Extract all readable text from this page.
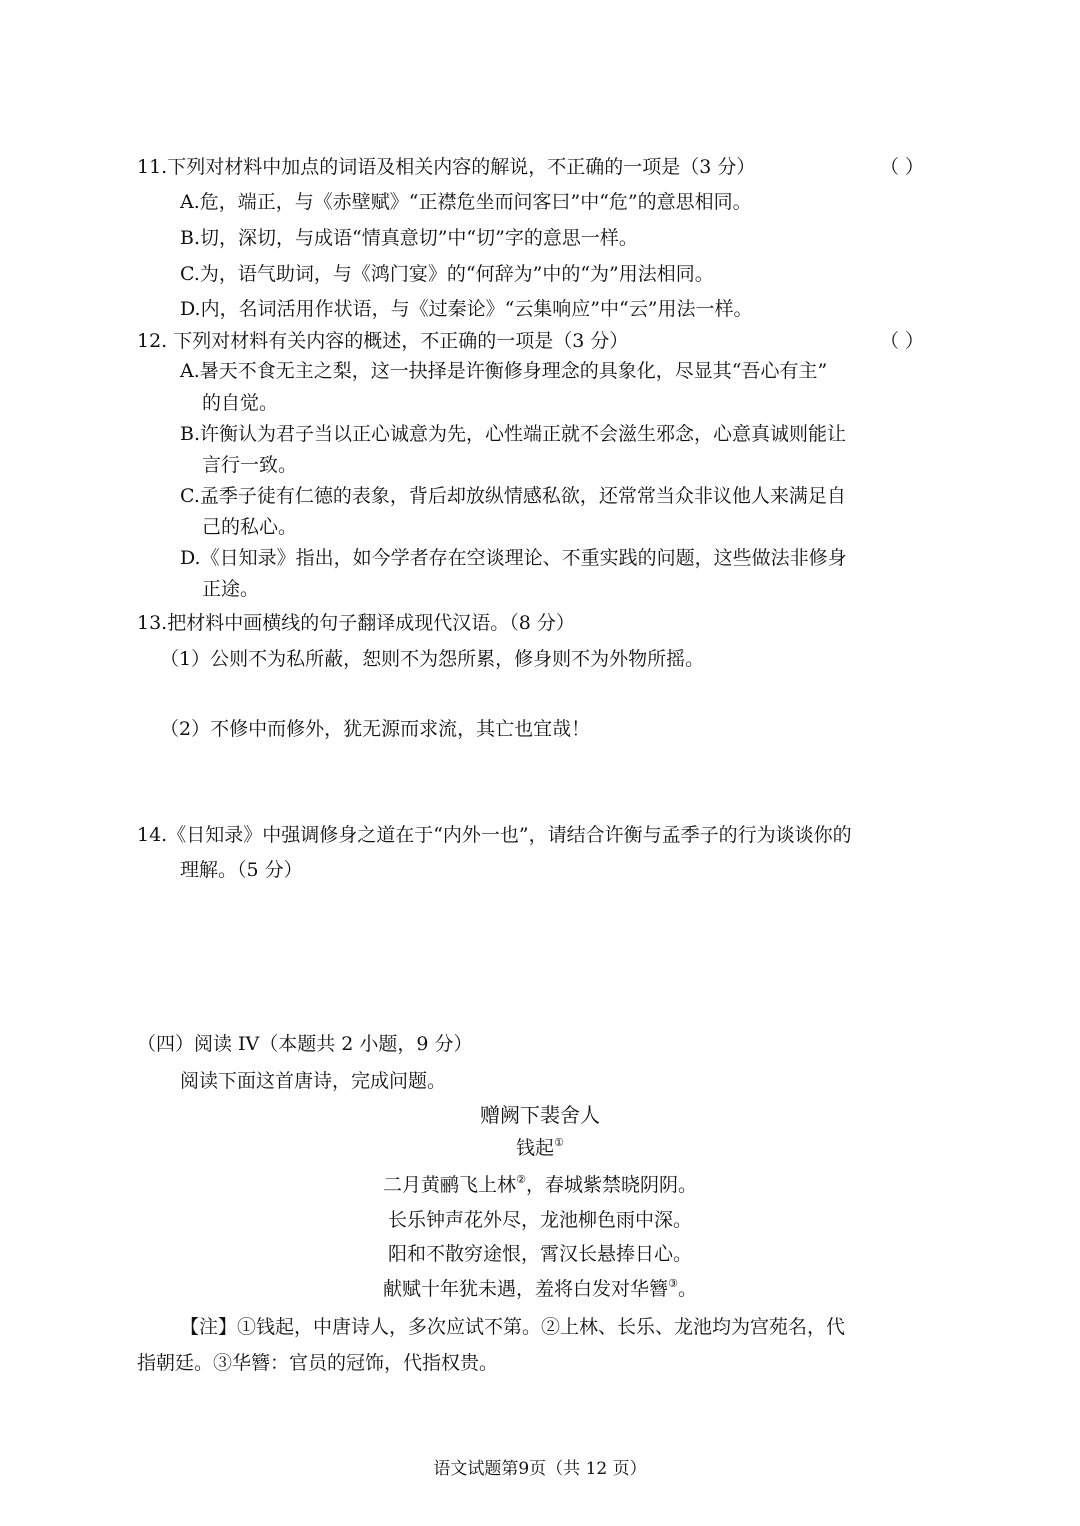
11.下列对材料中加点的词语及相关内容的解说，不正确的一项是（3 分）	（ ）
A.危，端正，与《赤壁赋》“正襟危坐而问客曰”中“危”的意思相同。
B.切，深切，与成语“情真意切”中“切”字的意思一样。
C.为，语气助词，与《鸿门宴》的“何辞为”中的“为”用法相同。
D.内，名词活用作状语，与《过秦论》“云集响应”中“云”用法一样。
12. 下列对材料有关内容的概述，不正确的一项是（3 分）	（ ）
A.暑天不食无主之梨，这一抉择是许衡修身理念的具象化，尽显其“吾心有主”
的自觉。
B.许衡认为君子当以正心诚意为先，心性端正就不会滋生邪念，心意真诚则能让
言行一致。
C.孟季子徒有仁德的表象，背后却放纵情感私欲，还常常当众非议他人来满足自
己的私心。
D.《日知录》指出，如今学者存在空谈理论、不重实践的问题，这些做法非修身
正途。
13.把材料中画横线的句子翻译成现代汉语。（8 分）
（1）公则不为私所蔽，恕则不为怨所累，修身则不为外物所摇。
（2）不修中而修外，犹无源而求流，其亡也宜哉！
14.《日知录》中强调修身之道在于“内外一也”，请结合许衡与孟季子的行为谈谈你的
理解。（5 分）
（四）阅读 IV（本题共 2 小题，9 分）
阅读下面这首唐诗，完成问题。
赠阙下裴舍人
钱起①
二月黄鹂飞上林②，春城紫禁晓阴阴。
长乐钟声花外尽，龙池柳色雨中深。
阳和不散穷途恨，霄汉长悬捧日心。
献赋十年犹未遇，羞将白发对华簪③。
【注】①钱起，中唐诗人，多次应试不第。②上林、长乐、龙池均为宫苑名，代
指朝廷。③华簪：官员的冠饰，代指权贵。
语文试题第9页（共 12 页）
